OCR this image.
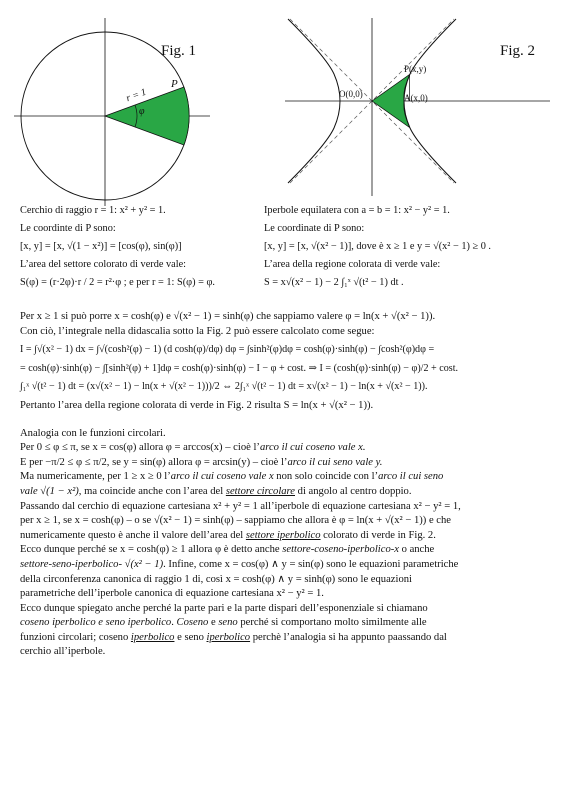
Fig. 1
P
r = 1
φ
Fig. 2
O(0,0)
P(x,y)
A(x,0)

Cerchio di raggio r = 1: x² + y² = 1.

Le coordinte di P sono:

[x, y] = [x, √(1 − x²)] = [cos(φ), sin(φ)]

L’area del settore colorato di verde vale:

S(φ) = (r·2φ)·r / 2 = r²·φ ; e per r = 1: S(φ) = φ.

Iperbole equilatera con a = b = 1: x² − y² = 1.

Le coordinate di P sono:

[x, y] = [x, √(x² − 1)], dove è x ≥ 1 e y = √(x² − 1) ≥ 0 .

L’area della regione colorata di verde vale:

S = x√(x² − 1) − 2 ∫₁ˣ √(t² − 1) dt .

Per x ≥ 1 si può porre x = cosh(φ) e √(x² − 1) = sinh(φ) che sappiamo valere φ = ln(x + √(x² − 1)).

Con ciò, l’integrale nella didascalia sotto la Fig. 2 può essere calcolato come segue:

I = ∫√(x² − 1) dx = ∫√(cosh²(φ) − 1) (d cosh(φ)/dφ) dφ = ∫sinh²(φ)dφ = cosh(φ)·sinh(φ) − ∫cosh²(φ)dφ =

= cosh(φ)·sinh(φ) − ∫[sinh²(φ) + 1]dφ = cosh(φ)·sinh(φ) − I − φ + cost. ⇒ I = (cosh(φ)·sinh(φ) − φ)/2 + cost.

∫₁ˣ √(t² − 1) dt = (x√(x² − 1) − ln(x + √(x² − 1)))/2 ⇔ 2∫₁ˣ √(t² − 1) dt = x√(x² − 1) − ln(x + √(x² − 1)).

Pertanto l’area della regione colorata di verde in Fig. 2 risulta S = ln(x + √(x² − 1)).

Analogia con le funzioni circolari.

Per 0 ≤ φ ≤ π, se x = cos(φ) allora φ = arccos(x) – cioè l’arco il cui coseno vale x.

E per −π/2 ≤ φ ≤ π/2, se y = sin(φ) allora φ = arcsin(y) – cioè l’arco il cui seno vale y.

Ma numericamente, per 1 ≥ x ≥ 0 l’arco il cui coseno vale x non solo coincide con l’arco il cui seno

vale √(1 − x²), ma coincide anche con l’area del settore circolare di angolo al centro doppio.

Passando dal cerchio di equazione cartesiana x² + y² = 1 all’iperbole di equazione cartesiana x² − y² = 1,

per x ≥ 1, se x = cosh(φ) – o se √(x² − 1) = sinh(φ) – sappiamo che allora è φ = ln(x + √(x² − 1)) e che

numericamente questo è anche il valore dell’area del settore iperbolico colorato di verde in Fig. 2.

Ecco dunque perché se x = cosh(φ) ≥ 1 allora φ è detto anche settore-coseno-iperbolico-x o anche

settore-seno-iperbolico- √(x² − 1). Infine, come x = cos(φ) ∧ y = sin(φ) sono le equazioni parametriche

della circonferenza canonica di raggio 1 di, così x = cosh(φ) ∧ y = sinh(φ) sono le equazioni

parametriche dell’iperbole canonica di equazione cartesiana x² − y² = 1.

Ecco dunque spiegato anche perché la parte pari e la parte dispari dell’esponenziale si chiamano

coseno iperbolico e seno iperbolico. Coseno e seno perché si comportano molto similmente alle

funzioni circolari; coseno iperbolico e seno iperbolico perchè l’analogia si ha appunto paassando dal

cerchio all’iperbole.
